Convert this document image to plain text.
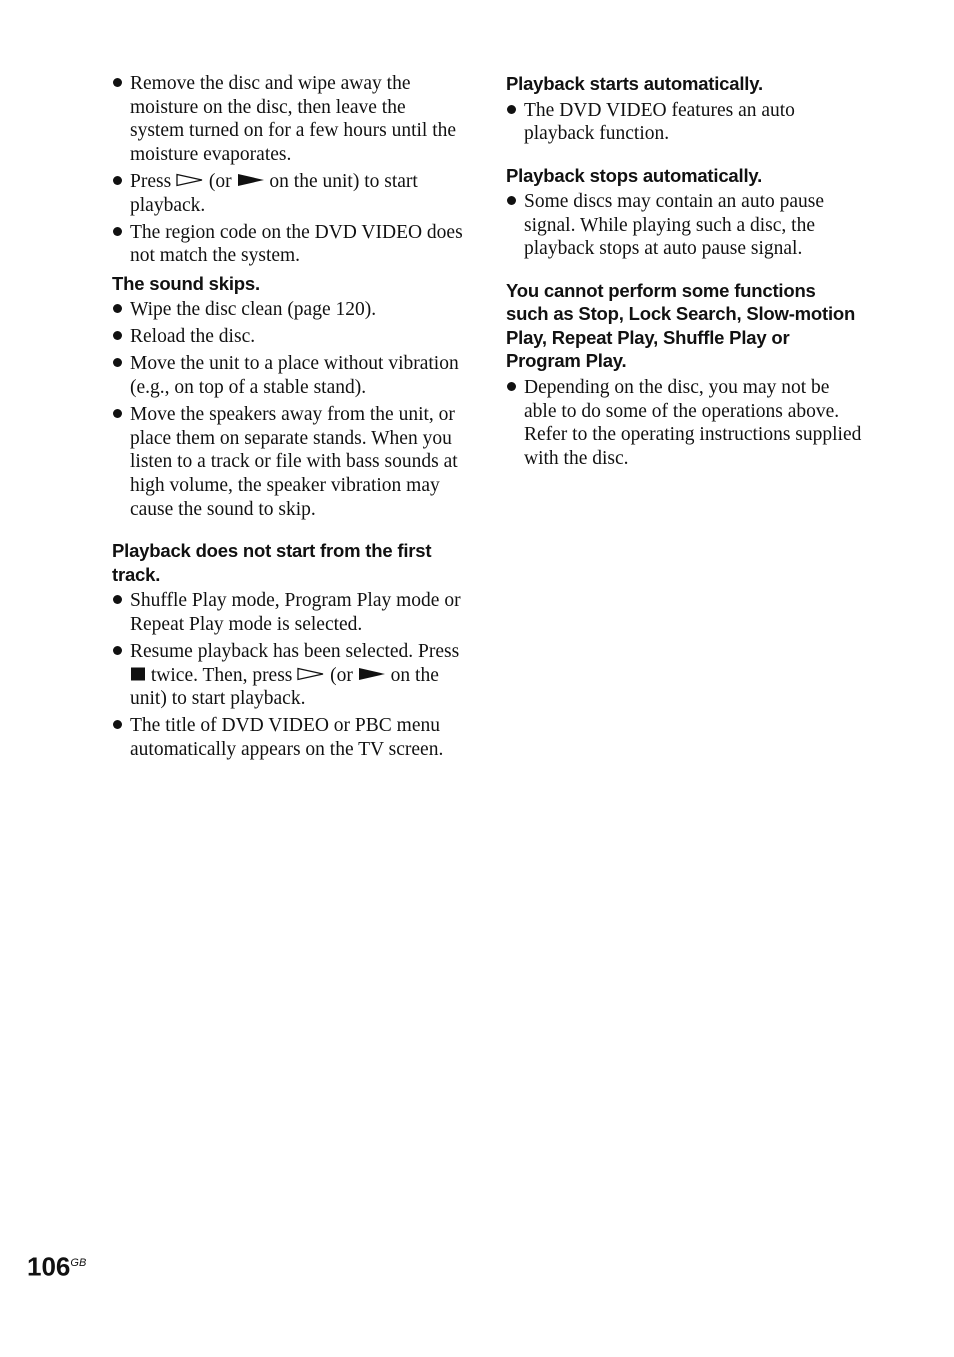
Remove the disc and wipe away the moisture on the disc, then leave the system turned on for a few hours until the moisture evaporates.
Press
(or
on the unit) to start playback.
The region code on the DVD VIDEO does not match the system.
The sound skips.
Wipe the disc clean (page 120).
Reload the disc.
Move the unit to a place without vibration (e.g., on top of a stable stand).
Move the speakers away from the unit, or place them on separate stands. When you listen to a track or file with bass sounds at high volume, the speaker vibration may cause the sound to skip.
Playback does not start from the first track.
Shuffle Play mode, Program Play mode or Repeat Play mode is selected.
Resume playback has been selected. Press
twice. Then, press
(or
on the unit) to start playback.
The title of DVD VIDEO or PBC menu automatically appears on the TV screen.
Playback starts automatically.
The DVD VIDEO features an auto playback function.
Playback stops automatically.
Some discs may contain an auto pause signal. While playing such a disc, the playback stops at auto pause signal.
You cannot perform some functions such as Stop, Lock Search, Slow-motion Play, Repeat Play, Shuffle Play or Program Play.
Depending on the disc, you may not be able to do some of the operations above. Refer to the operating instructions supplied with the disc.
$106^{GB}$
